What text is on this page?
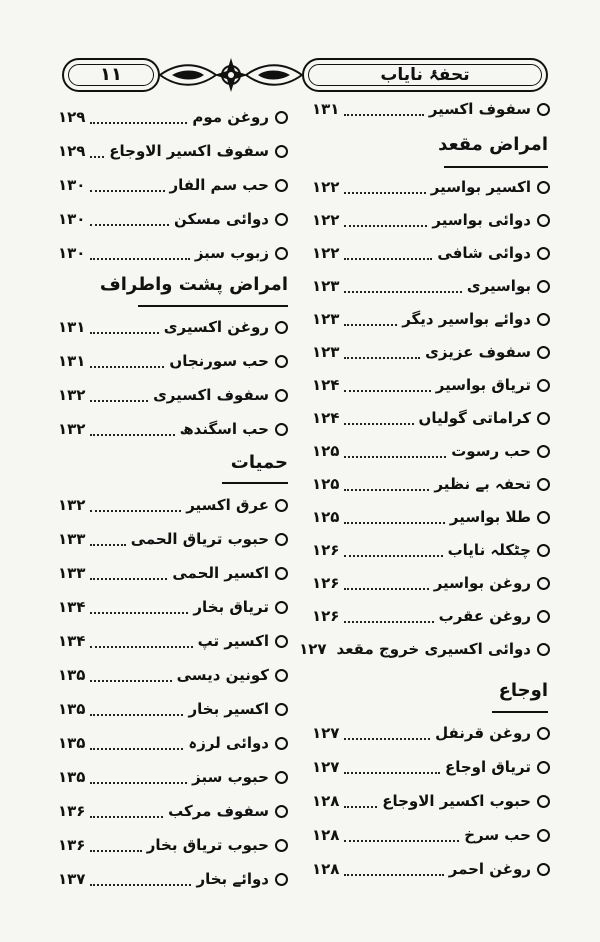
۱۱	تحفۂ نایاب
سفوف اکسیر
۱۳۱
امراض مقعد
اکسیر بواسیر
۱۲۲
دوائی بواسیر
۱۲۲
دوائی شافی
۱۲۲
بواسیری
۱۲۳
دوائے بواسیر دیگر
۱۲۳
سفوف عزیزی
۱۲۳
تریاق بواسیر
۱۲۴
کراماتی گولیاں
۱۲۴
حب رسوت
۱۲۵
تحفہ بے نظیر
۱۲۵
طلا بواسیر
۱۲۵
چٹکلہ نایاب
۱۲۶
روغن بواسیر
۱۲۶
روغن عقرب
۱۲۶
دوائی اکسیری خروج مقعد
۱۲۷
اوجاع
روغن قرنفل
۱۲۷
تریاق اوجاع
۱۲۷
حبوب اکسیر الاوجاع
۱۲۸
حب سرخ
۱۲۸
روغن احمر
۱۲۸
روغن موم
۱۲۹
سفوف اکسیر الاوجاع
۱۲۹
حب سم الفار
۱۳۰
دوائی مسکن
۱۳۰
زبوب سبز
۱۳۰
امراض پشت واطراف
روغن اکسیری
۱۳۱
حب سورنجاں
۱۳۱
سفوف اکسیری
۱۳۲
حب اسگندھ
۱۳۲
حمیات
عرق اکسیر
۱۳۲
حبوب تریاق الحمی
۱۳۳
اکسیر الحمی
۱۳۳
تریاق بخار
۱۳۴
اکسیر تپ
۱۳۴
کونین دیسی
۱۳۵
اکسیر بخار
۱۳۵
دوائی لرزہ
۱۳۵
حبوب سبز
۱۳۵
سفوف مرکب
۱۳۶
حبوب تریاق بخار
۱۳۶
دوائے بخار
۱۳۷
